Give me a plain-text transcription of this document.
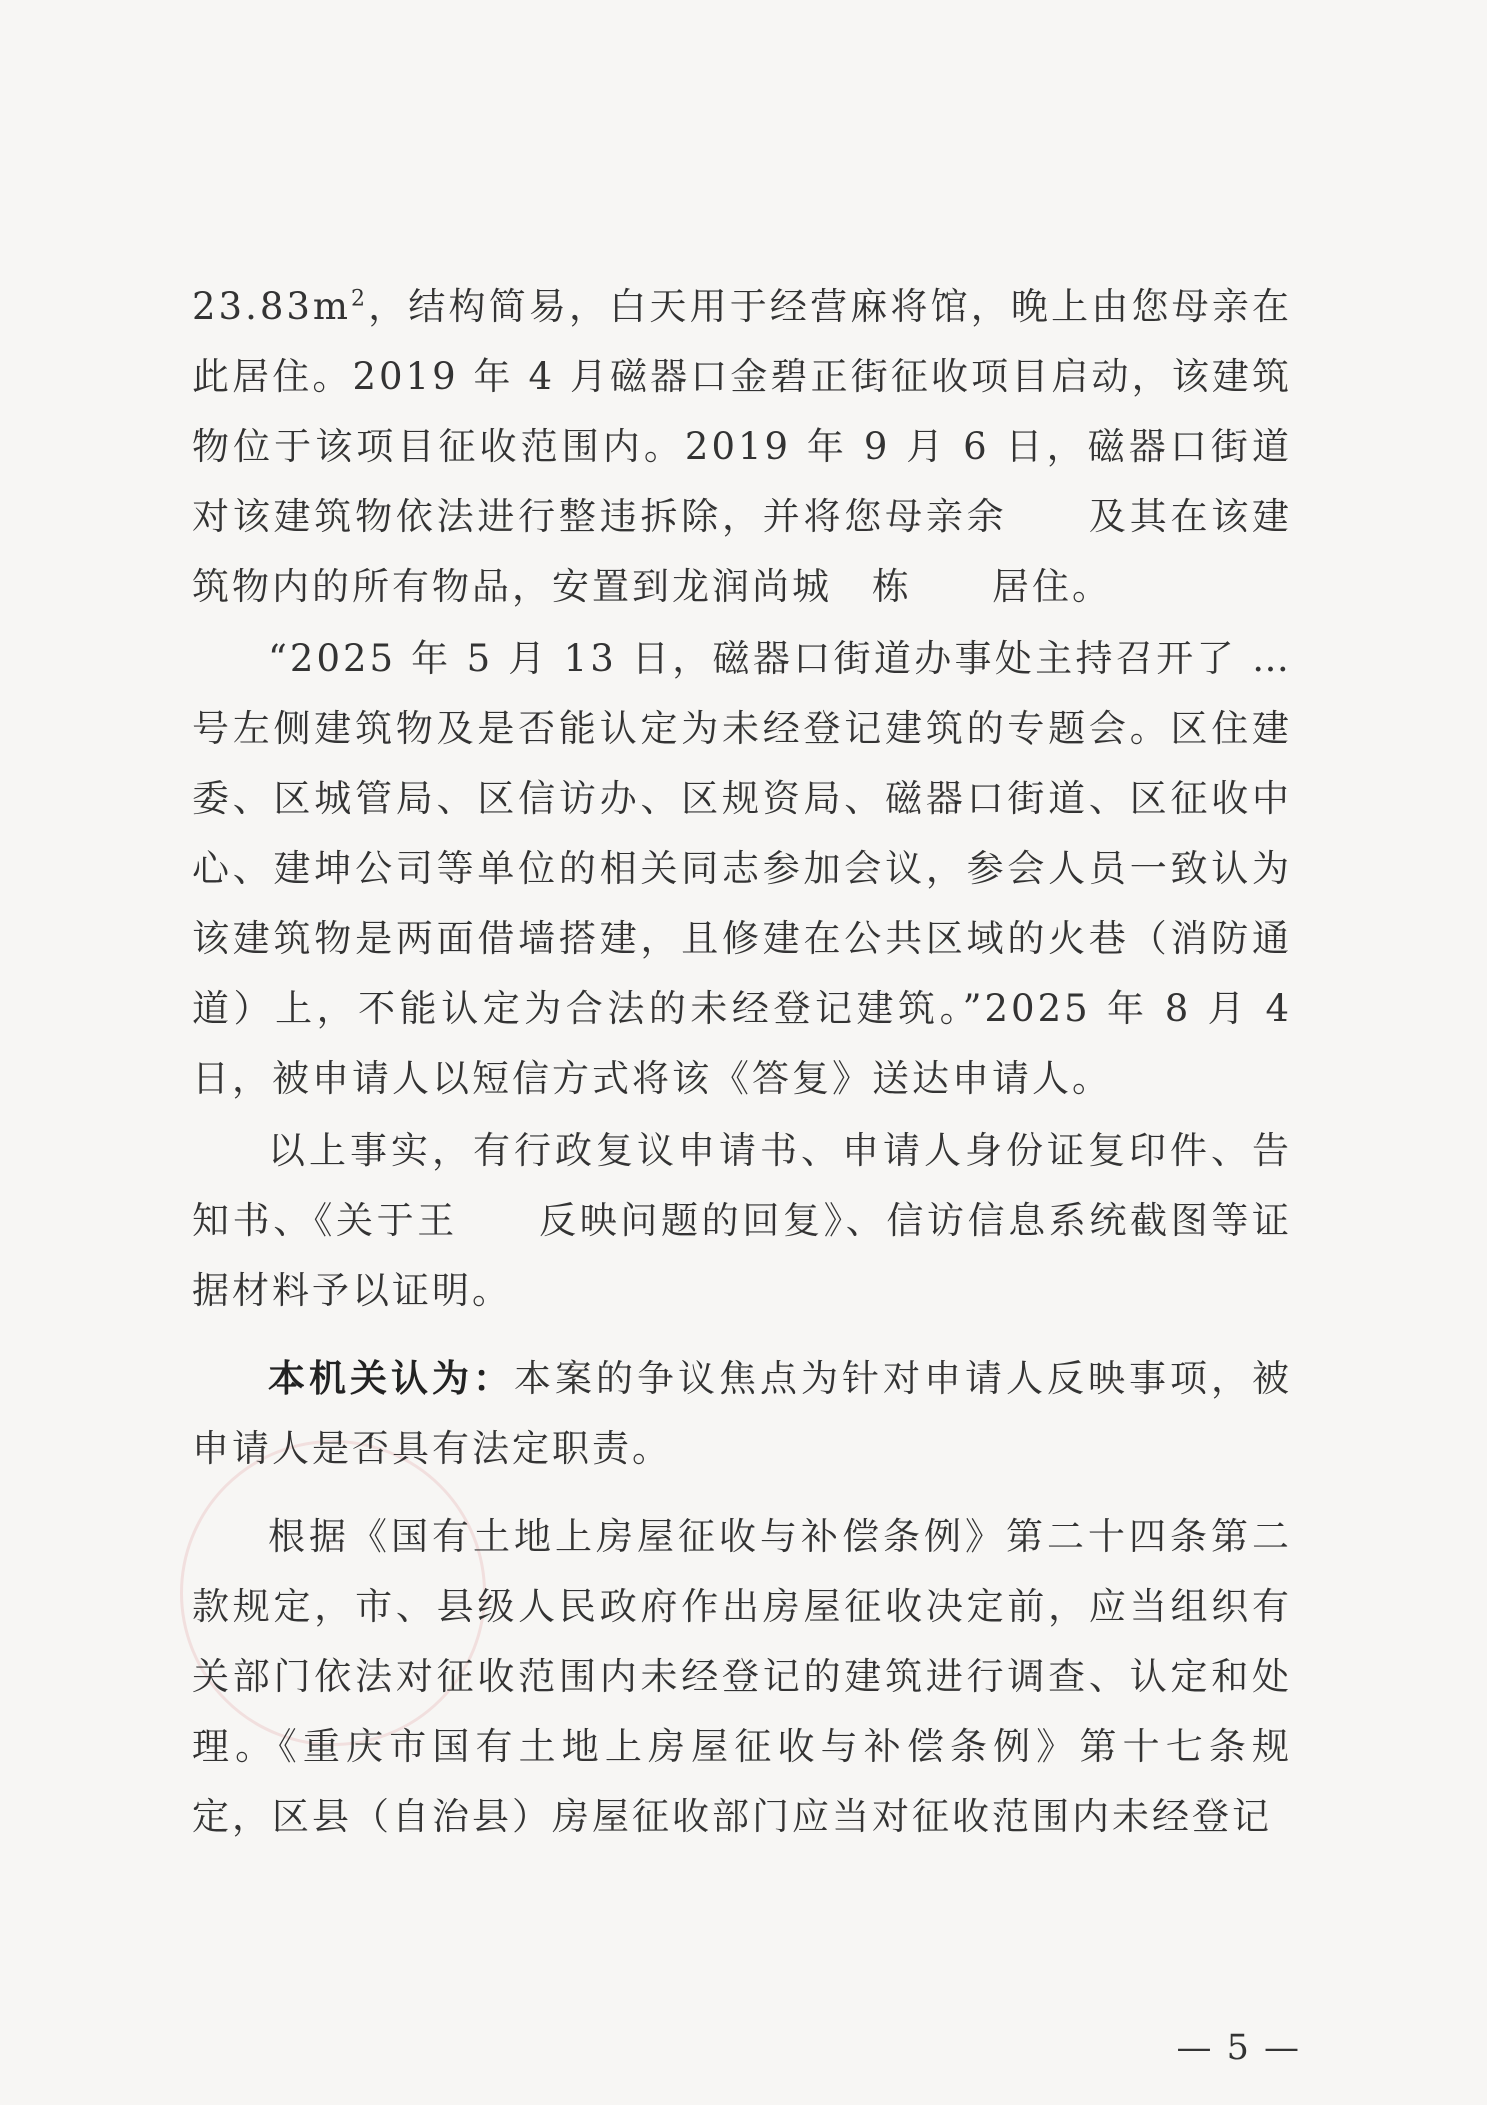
$23.83m^2$，结构简易，白天用于经营麻将馆，晚上由您母亲在此居住。2019 年 4 月磁器口金碧正街征收项目启动，该建筑物位于该项目征收范围内。2019 年 9 月 6 日，磁器口街道对该建筑物依法进行整违拆除，并将您母亲余　　及其在该建筑物内的所有物品，安置到龙润尚城　栋　　居住。

“2025 年 5 月 13 日，磁器口街道办事处主持召开了 …号左侧建筑物及是否能认定为未经登记建筑的专题会。区住建委、区城管局、区信访办、区规资局、磁器口街道、区征收中心、建坤公司等单位的相关同志参加会议，参会人员一致认为该建筑物是两面借墙搭建，且修建在公共区域的火巷（消防通道）上，不能认定为合法的未经登记建筑。”2025 年 8 月 4 日，被申请人以短信方式将该《答复》送达申请人。

以上事实，有行政复议申请书、申请人身份证复印件、告知书、《关于王　　反映问题的回复》、信访信息系统截图等证据材料予以证明。

本机关认为：本案的争议焦点为针对申请人反映事项，被申请人是否具有法定职责。

根据《国有土地上房屋征收与补偿条例》第二十四条第二款规定，市、县级人民政府作出房屋征收决定前，应当组织有关部门依法对征收范围内未经登记的建筑进行调查、认定和处理。《重庆市国有土地上房屋征收与补偿条例》第十七条规定，区县（自治县）房屋征收部门应当对征收范围内未经登记

— 5 —
